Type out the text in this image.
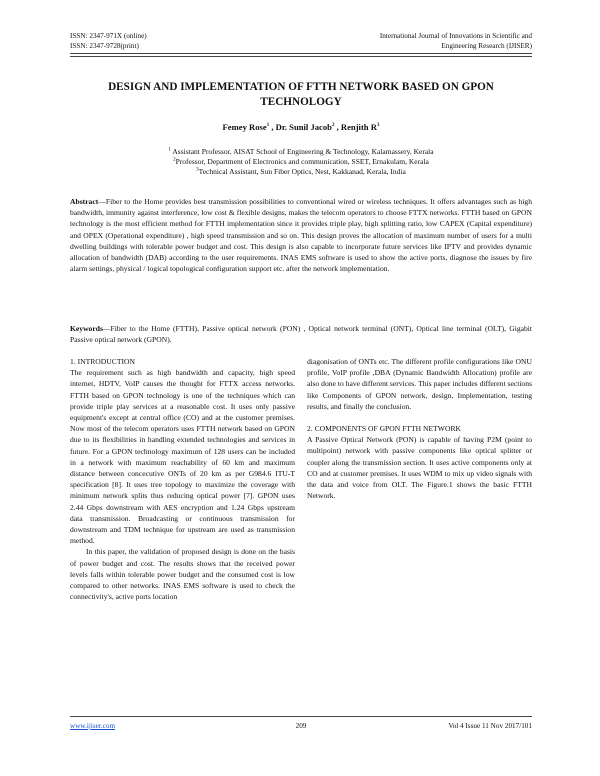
ISSN: 2347-971X (online)
ISSN: 2347-9728(print)
International Journal of Innovations in Scientific and
Engineering Research (IJISER)
DESIGN AND IMPLEMENTATION OF FTTH NETWORK BASED ON GPON
TECHNOLOGY
Femey Rose$^1$ , Dr. Sunil Jacob$^2$ , Renjith $R^3$
$^1$ Assistant Professor, AISAT School of Engineering & Technology, Kalamassery, Kerala
$^2$Professor, Department of Electronics and communication, SSET, Ernakulam, Kerala
$^3$Technical Assistant, Sun Fiber Optics, Nest, Kakkanad, Kerala, India
Abstract—Fiber to the Home provides best transmission possibilities to conventional wired or wireless techniques. It offers advantages such as high bandwidth, immunity against interference, low cost & flexible designs, makes the telecom operators to choose FTTX networks. FTTH based on GPON technology is the most efficient method for FTTH implementation since it provides triple play, high splitting ratio, low CAPEX (Capital expenditure) and OPEX (Operational expenditure) , high speed transmission and so on. This design proves the allocation of maximum number of users for a multi dwelling buildings with tolerable power budget and cost. This design is also capable to incorporate future services like IPTV and provides dynamic allocation of bandwidth (DAB) according to the user requirements. INAS EMS software is used to show the active ports, diagnose the issues by fire alarm settings, physical / logical topological configuration support etc. after the network implementation.
Keywords—Fiber to the Home (FTTH), Passive optical network (PON) , Optical network terminal (ONT), Optical line terminal (OLT), Gigabit Passive optical network (GPON).

1. INTRODUCTION

The requirement such as high bandwidth and capacity, high speed internet, HDTV, VoIP causes the thought for FTTX access networks. FTTH based on GPON technology is one of the techniques which can provide triple play services at a reasonable cost. It uses only passive equipment's except at central office (CO) and at the customer premises. Now most of the telecom operators uses FTTH network based on GPON due to its flexibilities in handling extended technologies and services in future. For a GPON technology maximum of 128 users can be included in a network with maximum reachability of 60 km and maximum distance between concecutive ONTs of 20 km as per G984.6 ITU-T specification [8]. It uses tree topology to maximize the coverage with minimum network splits thus reducing optical power [7]. GPON uses 2.44 Gbps downstream with AES encryption and 1.24 Gbps upstream data transmission. Broadcasting or continuous transmission for downstream and TDM technique for upstream are used as transmission method.

In this paper, the validation of proposed design is done on the basis of power budget and cost. The results shows that the received power levels falls within tolerable power budget and the consumed cost is low compared to other networks. INAS EMS software is used to check the connectivity's, active ports location

diagonisation of ONTs etc. The different profile configurations like ONU profile, VoIP profile ,DBA (Dynamic Bandwidth Allocation) profile are also done to have different services. This paper includes different sections like Components of GPON network, design, Implementation, testing results, and finally the conclusion.

2. COMPONENTS OF GPON FTTH NETWORK

A Passive Optical Network (PON) is capable of having P2M (point to multipoint) network with passive components like optical splitter or coupler along the transmission section. It uses active components only at CO and at customer premises. It uses WDM to mix up video signals with the data and voice from OLT. The Figure.1 shows the basic FTTH Network.

www.ijiser.com	209	Vol 4 Issue 11 Nov 2017/101
